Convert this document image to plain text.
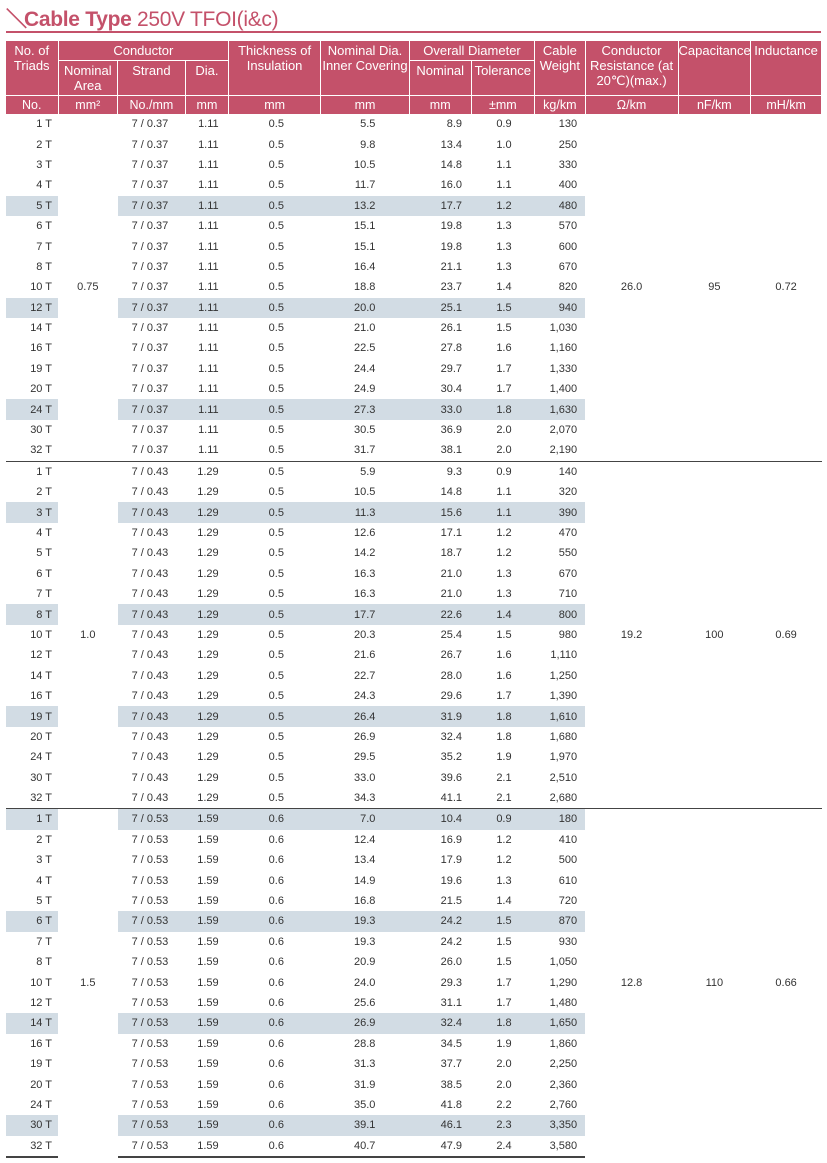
＼Cable Type 250V TFOI(i&c)
No. of Triads	Conductor			Thickness of Insulation	Nominal Dia. Inner Covering	Overall Diameter		Cable Weight	Conductor Resistance (at 20℃)(max.)	Capacitance	Inductance
	Nominal Area	Strand	Dia.			Nominal	Tolerance				
No.	mm²	No./mm	mm	mm	mm	mm	±mm	kg/km	Ω/km	nF/km	mH/km
1 T	0.75	7 / 0.37	1.11	0.5	5.5	8.9	0.9	130	26.0	95	0.72
2 T		7 / 0.37	1.11	0.5	9.8	13.4	1.0	250			
3 T		7 / 0.37	1.11	0.5	10.5	14.8	1.1	330			
4 T		7 / 0.37	1.11	0.5	11.7	16.0	1.1	400			
5 T		7 / 0.37	1.11	0.5	13.2	17.7	1.2	480			
6 T		7 / 0.37	1.11	0.5	15.1	19.8	1.3	570			
7 T		7 / 0.37	1.11	0.5	15.1	19.8	1.3	600			
8 T		7 / 0.37	1.11	0.5	16.4	21.1	1.3	670			
10 T		7 / 0.37	1.11	0.5	18.8	23.7	1.4	820			
12 T		7 / 0.37	1.11	0.5	20.0	25.1	1.5	940			
14 T		7 / 0.37	1.11	0.5	21.0	26.1	1.5	1,030			
16 T		7 / 0.37	1.11	0.5	22.5	27.8	1.6	1,160			
19 T		7 / 0.37	1.11	0.5	24.4	29.7	1.7	1,330			
20 T		7 / 0.37	1.11	0.5	24.9	30.4	1.7	1,400			
24 T		7 / 0.37	1.11	0.5	27.3	33.0	1.8	1,630			
30 T		7 / 0.37	1.11	0.5	30.5	36.9	2.0	2,070			
32 T		7 / 0.37	1.11	0.5	31.7	38.1	2.0	2,190			
1 T	1.0	7 / 0.43	1.29	0.5	5.9	9.3	0.9	140	19.2	100	0.69
2 T		7 / 0.43	1.29	0.5	10.5	14.8	1.1	320			
3 T		7 / 0.43	1.29	0.5	11.3	15.6	1.1	390			
4 T		7 / 0.43	1.29	0.5	12.6	17.1	1.2	470			
5 T		7 / 0.43	1.29	0.5	14.2	18.7	1.2	550			
6 T		7 / 0.43	1.29	0.5	16.3	21.0	1.3	670			
7 T		7 / 0.43	1.29	0.5	16.3	21.0	1.3	710			
8 T		7 / 0.43	1.29	0.5	17.7	22.6	1.4	800			
10 T		7 / 0.43	1.29	0.5	20.3	25.4	1.5	980			
12 T		7 / 0.43	1.29	0.5	21.6	26.7	1.6	1,110			
14 T		7 / 0.43	1.29	0.5	22.7	28.0	1.6	1,250			
16 T		7 / 0.43	1.29	0.5	24.3	29.6	1.7	1,390			
19 T		7 / 0.43	1.29	0.5	26.4	31.9	1.8	1,610			
20 T		7 / 0.43	1.29	0.5	26.9	32.4	1.8	1,680			
24 T		7 / 0.43	1.29	0.5	29.5	35.2	1.9	1,970			
30 T		7 / 0.43	1.29	0.5	33.0	39.6	2.1	2,510			
32 T		7 / 0.43	1.29	0.5	34.3	41.1	2.1	2,680			
1 T	1.5	7 / 0.53	1.59	0.6	7.0	10.4	0.9	180	12.8	110	0.66
2 T		7 / 0.53	1.59	0.6	12.4	16.9	1.2	410			
3 T		7 / 0.53	1.59	0.6	13.4	17.9	1.2	500			
4 T		7 / 0.53	1.59	0.6	14.9	19.6	1.3	610			
5 T		7 / 0.53	1.59	0.6	16.8	21.5	1.4	720			
6 T		7 / 0.53	1.59	0.6	19.3	24.2	1.5	870			
7 T		7 / 0.53	1.59	0.6	19.3	24.2	1.5	930			
8 T		7 / 0.53	1.59	0.6	20.9	26.0	1.5	1,050			
10 T		7 / 0.53	1.59	0.6	24.0	29.3	1.7	1,290			
12 T		7 / 0.53	1.59	0.6	25.6	31.1	1.7	1,480			
14 T		7 / 0.53	1.59	0.6	26.9	32.4	1.8	1,650			
16 T		7 / 0.53	1.59	0.6	28.8	34.5	1.9	1,860			
19 T		7 / 0.53	1.59	0.6	31.3	37.7	2.0	2,250			
20 T		7 / 0.53	1.59	0.6	31.9	38.5	2.0	2,360			
24 T		7 / 0.53	1.59	0.6	35.0	41.8	2.2	2,760			
30 T		7 / 0.53	1.59	0.6	39.1	46.1	2.3	3,350			
32 T		7 / 0.53	1.59	0.6	40.7	47.9	2.4	3,580			
